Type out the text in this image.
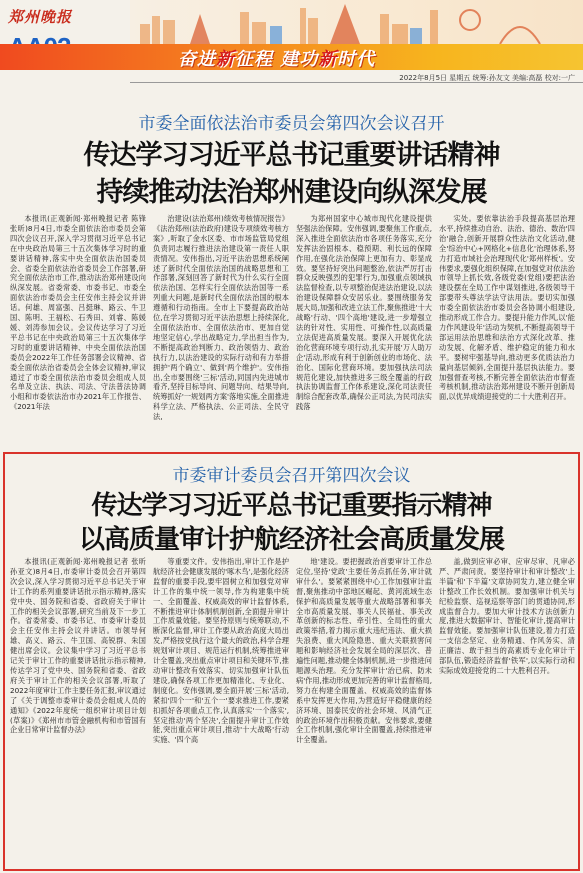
郑州晚报
奋进新征程 建功新时代
2022年8月5日 星期五 统筹:孙友文 美编:高磊 校对:一广
市委全面依法治市委员会第四次会议召开
传达学习习近平总书记重要讲话精神
持续推动法治郑州建设向纵深发展
本报讯(正观新闻·郑州晚报记者 陈锋 张昕)8月4日,市委全面依法治市委员会第四次会议召开,深入学习贯彻习近平总书记在中央政治局第三十五次集体学习时的重要讲话精神,落实中央全面依法治国委员会、省委全面依法治省委员会工作部署,研究全面依法治市工作,推动法治郑州建设向纵深发展。省委常委、市委书记、市委全面依法治市委员会主任安伟主持会议并讲话。何雄、周富强、吕挺琳、路云、牛卫国、陈明、王福松、石秀田、刘睿、陈媛媛、刘涛参加会议。会议传达学习了习近平总书记在中央政治局第三十五次集体学习时的重要讲话精神、中央全面依法治国委员会2022年工作任务部署会议精神、省委全面依法治省委员会全体会议精神,审议通过了市委全面依法治市委员会组成人员名单及立法、执法、司法、守法普法协调小组和市委依法治市办2021年工作报告、《2021年法
治建设(法治郑州)绩效考核情况报告》《法治郑州(法治政府)建设专项绩效考核方案》,听取了金水区委、市市场监管局党组负责同志履行推进法治建设第一责任人职责情况。安伟指出,习近平法治思想系统阐述了新时代全面依法治国的战略思想和工作部署,深刻回答了新时代为什么实行全面依法治国、怎样实行全面依法治国等一系列重大问题,是新时代全面依法治国的根本遵循和行动指南。全市上下要提高政治站位,在学习贯彻习近平法治思想上持续深化,全面依法治市、全面依法治市、更加自觉地坚定信心,学出战略定力,学出担当作为,不断提高政治判断力、政治领悟力、政治执行力,以法治建设的实际行动和有力举措拥护'两个确立'、做到'两个维护'。安伟指出,全市要围绕'三标'活动,同国内先进城市看齐,坚持目标导向、问题导向、结果导向,统筹抓好'一规划两方案'落地实施,全面推进科学立法、严格执法、公正司法、全民守法,
为郑州国家中心城市现代化建设提供坚强法治保障。安伟强调,要聚焦工作重点,深入推进全面依法治市各项任务落实,充分发挥法治固根本、稳预期、利长远的保障作用,在强化法治保障上更加有力、彰显成效。要坚持好突出问题整治,依法严厉打击群众反映强烈的犯罪行为,加强重点领域执法监督检查,以专项整治促进法治建设,以法治建设保障群众安居乐业。要围绕服务发展大局,加强和改进立法工作,聚焦推进'十大战略'行动、'四个高地'建设,进一步增强立法的针对性、实用性、可操作性,以高质量立法促进高质量发展。要深入开展优化法治化营商环境专项行动,扎实开展'万人助万企'活动,形成有利于创新创业的市场化、法治化、国际化营商环境。要加强执法司法规范化建设,加快推进多三级全覆盖的行政执法协调监督工作体系建设,深化司法责任制综合配套改革,确保公正司法,为民司法实践落
实处。要依靠法治手段提高基层治理水平,持续推动自治、法治、德治、数治'四治'融合,创新开展群众性法治文化活动,健全'综治中心+网格化+信息化'治理体系,努力打造市域社会治理现代化'郑州样板'。安伟要求,要强化组织保障,在加强党对依法治市领导上抓长效,各级党委(党组)要把法治建设摆在全局工作中谋划推进,各级领导干部要带头尊法学法守法用法。要切实加强市委全面依法治市委员会各协调小组建设,推动形成工作合力。要提升能力作风,以'能力作风建设年'活动为契机,不断提高领导干部运用法治思维和法治方式深化改革、推动发展、化解矛盾、维护稳定的能力和水平。要树牢强基导向,推动更多优质法治力量向基层倾斜,全面提升基层执法能力。要加强督查考核,不断完善全面依法治市督查考核机制,推动法治郑州建设不断开创新局面,以优异成绩迎接党的二十大胜利召开。
市委审计委员会召开第四次会议
传达学习习近平总书记重要指示精神
以高质量审计护航经济社会高质量发展
本报讯(正观新闻·郑州晚报记者 张昕 孙亚文)8月4日,市委审计委员会召开第四次会议,深入学习贯彻习近平总书记关于审计工作的系列重要讲话批示指示精神,落实党中央、国务院和省委、省政府关于审计工作的相关会议部署,研究当前及下一步工作。省委常委、市委书记、市委审计委员会主任安伟主持会议并讲话。市领导何雄、高义、路云、牛卫国、高锐群、朱国健出席会议。会议集中学习了习近平总书记关于审计工作的重要讲话批示指示精神,传达学习了党中央、国务院和省委、省政府关于审计工作的相关会议部署,听取了2022年度审计工作主要任务汇报,审议通过了《关于调整市委审计委员会组成人员的通知》《2022年度统一组织审计项目计划(草案)》《郑州市市管金融机构和市管国有企业日常审计监督办法》
等重要文件。安伟指出,审计工作是护航经济社会健康发展的'啄木鸟',是强化经济监督的重要手段,要牢固树立和加强党对审计工作的集中统一领导,作为构建集中统一、全面覆盖、权威高效的审计监督体系,不断推进审计体制机制创新,全面提升审计工作质量效能。要坚持原则与统筹联动,不断深化监督,审计工作要从政治高度大局出发,严格按党执行这个最大的政治,科学合理规划审计项目、规范运行机制,统筹推进审计全覆盖,突出重点审计项目和关键环节,推动审计整改有效落实、切实加强审计队伍建设,确保各项工作更加精准化、专业化、制度化。安伟强调,要全面开展'三标'活动,紧扣'四个一'和'五个一'要求推进工作,要紧扣抓好各项重点工作,认真落实'一个落实',坚定推动'两个坚决',全面提升审计工作效能,突出重点审计项目,推动'十大战略'行动实施、'四个高
地'建设。要把握政治首要审计工作总定位,坚持'党政'主要任务点抓任务,审计就审什么'。要紧紧围绕中心工作加强审计监督,聚焦推动中部地区崛起、黄河流域生态保护和高质量发展等重大战略部署和事关全市高质量发展、事关人民福祉、事关改革创新的标志性、牵引性、全局性的重大政策举措,着力揭示重大违纪违法、重大损失浪费、重大风险隐患、重大关联损害问题和影响经济社会发展全局的深层次、普遍性问题,推动健全体制机制,进一步推进问题源头治理。充分发挥审计'治已病、防未病'作用,推动形成更加完善的审计监督格局,努力在构建全面覆盖、权威高效的监督体系中发挥更大作用,为营造好平稳健康的经济环境、国泰民安的社会环境、风清气正的政治环境作出积极贡献。安伟要求,要健全工作机制,强化审计全面覆盖,持续推进审计全覆盖。
盖,做到应审必审、应审尽审、凡审必严、严肃问责。要坚持审计和审计整改'上半篇'和'下半篇'文章协同发力,建立健全审计整改工作长效机制。要加强审计机关与纪检监察、巡视巡察等部门的贯通协同,形成监督合力。要加大审计技术方法创新力度,推进大数据审计、智能化审计,提高审计监督效能。要加强审计队伍建设,着力打造一支信念坚定、业务精通、作风务实、清正廉洁、敢于担当的高素质专业化审计干部队伍,锻造经济监督'铁军',以实际行动和实际成效迎接党的二十大胜利召开。
